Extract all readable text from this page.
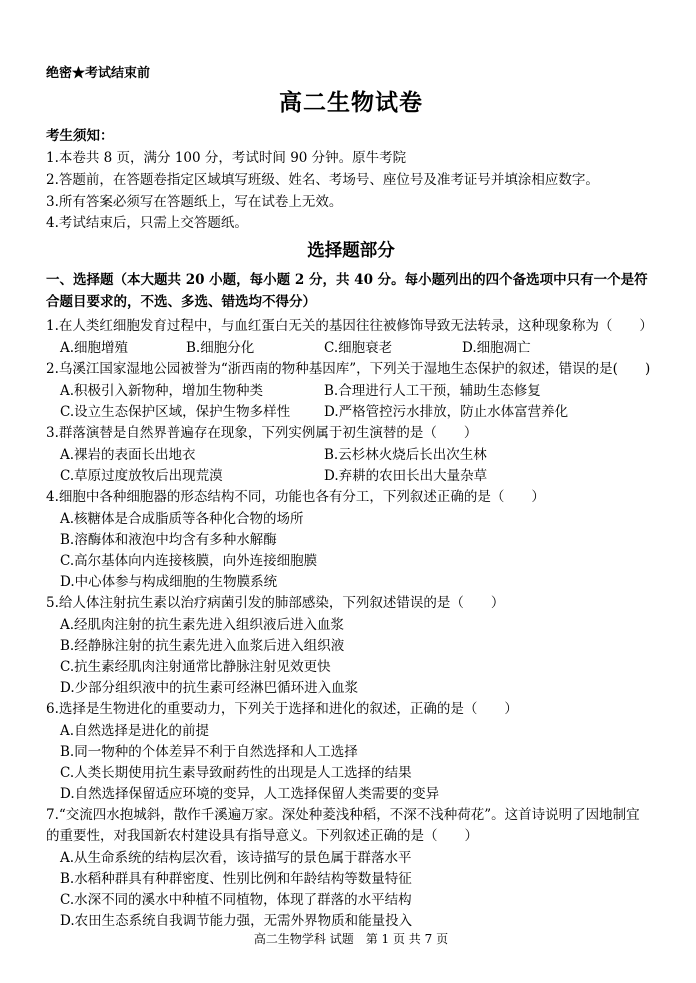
绝密★考试结束前
高二生物试卷
考生须知：
1.本卷共 8 页，满分 100 分，考试时间 90 分钟。原牛考院
2.答题前，在答题卷指定区域填写班级、姓名、考场号、座位号及准考证号并填涂相应数字。
3.所有答案必须写在答题纸上，写在试卷上无效。
4.考试结束后，只需上交答题纸。
选择题部分
一、选择题（本大题共 20 小题，每小题 2 分，共 40 分。每小题列出的四个备选项中只有一个是符合题目要求的，不选、多选、错选均不得分）
1.在人类红细胞发育过程中，与血红蛋白无关的基因往往被修饰导致无法转录，这种现象称为（　　）
A.细胞增殖	B.细胞分化	C.细胞衰老	D.细胞凋亡
2.乌溪江国家湿地公园被誉为“浙西南的物种基因库”，下列关于湿地生态保护的叙述，错误的是(　　)
A.积极引入新物种，增加生物种类	B.合理进行人工干预，辅助生态修复
C.设立生态保护区域，保护生物多样性	D.严格管控污水排放，防止水体富营养化
3.群落演替是自然界普遍存在现象，下列实例属于初生演替的是（　　）
A.裸岩的表面长出地衣	B.云杉林火烧后长出次生林
C.草原过度放牧后出现荒漠	D.弃耕的农田长出大量杂草
4.细胞中各种细胞器的形态结构不同，功能也各有分工，下列叙述正确的是（　　）
A.核糖体是合成脂质等各种化合物的场所
B.溶酶体和液泡中均含有多种水解酶
C.高尔基体向内连接核膜，向外连接细胞膜
D.中心体参与构成细胞的生物膜系统
5.给人体注射抗生素以治疗病菌引发的肺部感染，下列叙述错误的是（　　）
A.经肌肉注射的抗生素先进入组织液后进入血浆
B.经静脉注射的抗生素先进入血浆后进入组织液
C.抗生素经肌肉注射通常比静脉注射见效更快
D.少部分组织液中的抗生素可经淋巴循环进入血浆
6.选择是生物进化的重要动力，下列关于选择和进化的叙述，正确的是（　　）
A.自然选择是进化的前提
B.同一物种的个体差异不利于自然选择和人工选择
C.人类长期使用抗生素导致耐药性的出现是人工选择的结果
D.自然选择保留适应环境的变异，人工选择保留人类需要的变异
7.“交流四水抱城斜，散作千溪遍万家。深处种菱浅种稻，不深不浅种荷花”。这首诗说明了因地制宜
的重要性，对我国新农村建设具有指导意义。下列叙述正确的是（　　）
A.从生命系统的结构层次看，该诗描写的景色属于群落水平
B.水稻种群具有种群密度、性别比例和年龄结构等数量特征
C.水深不同的溪水中种植不同植物，体现了群落的水平结构
D.农田生态系统自我调节能力强，无需外界物质和能量投入
高二生物学科 试题　第 1 页 共 7 页
